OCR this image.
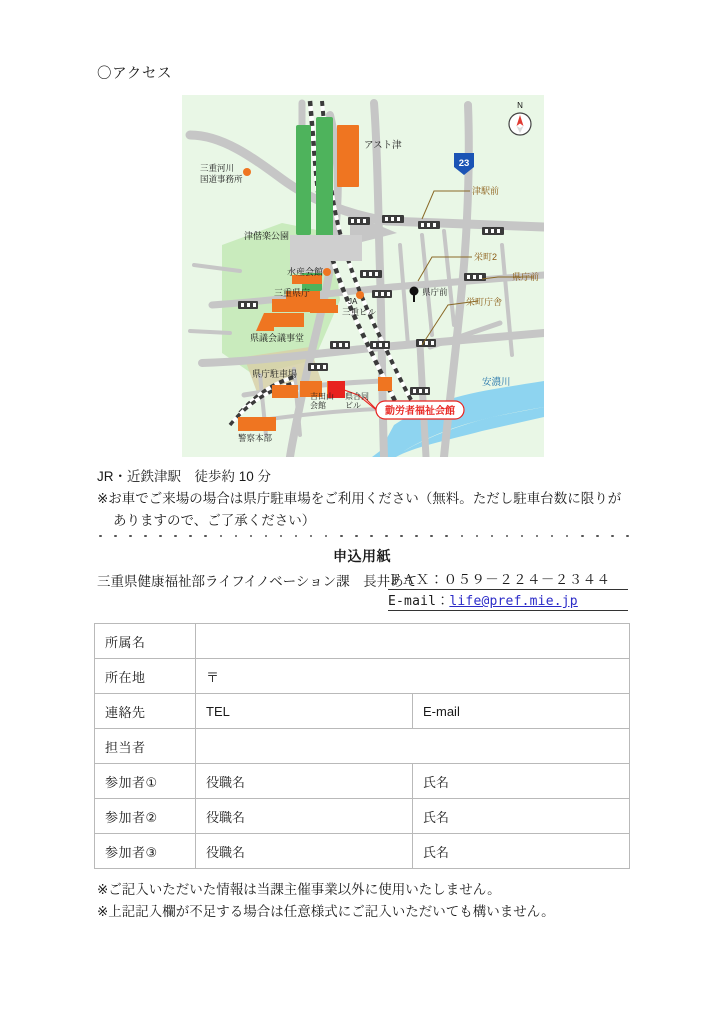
〇アクセス
23
N
三重河川
国道事務所
津偕楽公園
アスト津
水産会館
三重県庁
県議会議事堂
県庁駐車場
JA
三重ビル
県庁前
吉田山
会館
県合同
ビル
警察本部
津駅前
栄町2
県庁前
栄町庁舎
安濃川
勤労者福祉会館
JR・近鉄津駅　徒歩約 10 分
※お車でご来場の場合は県庁駐車場をご利用ください（無料。ただし駐車台数に限りが
ありますので、ご了承ください）
申込用紙
三重県健康福祉部ライフイノベーション課　長井あて
ＦＡＸ：０５９－２２４－２３４４
E-mail：life@pref.mie.jp
所属名		
所在地	〒	
連絡先	TEL	E-mail
担当者		
参加者①	役職名	氏名
参加者②	役職名	氏名
参加者③	役職名	氏名
※ご記入いただいた情報は当課主催事業以外に使用いたしません。
※上記記入欄が不足する場合は任意様式にご記入いただいても構いません。
